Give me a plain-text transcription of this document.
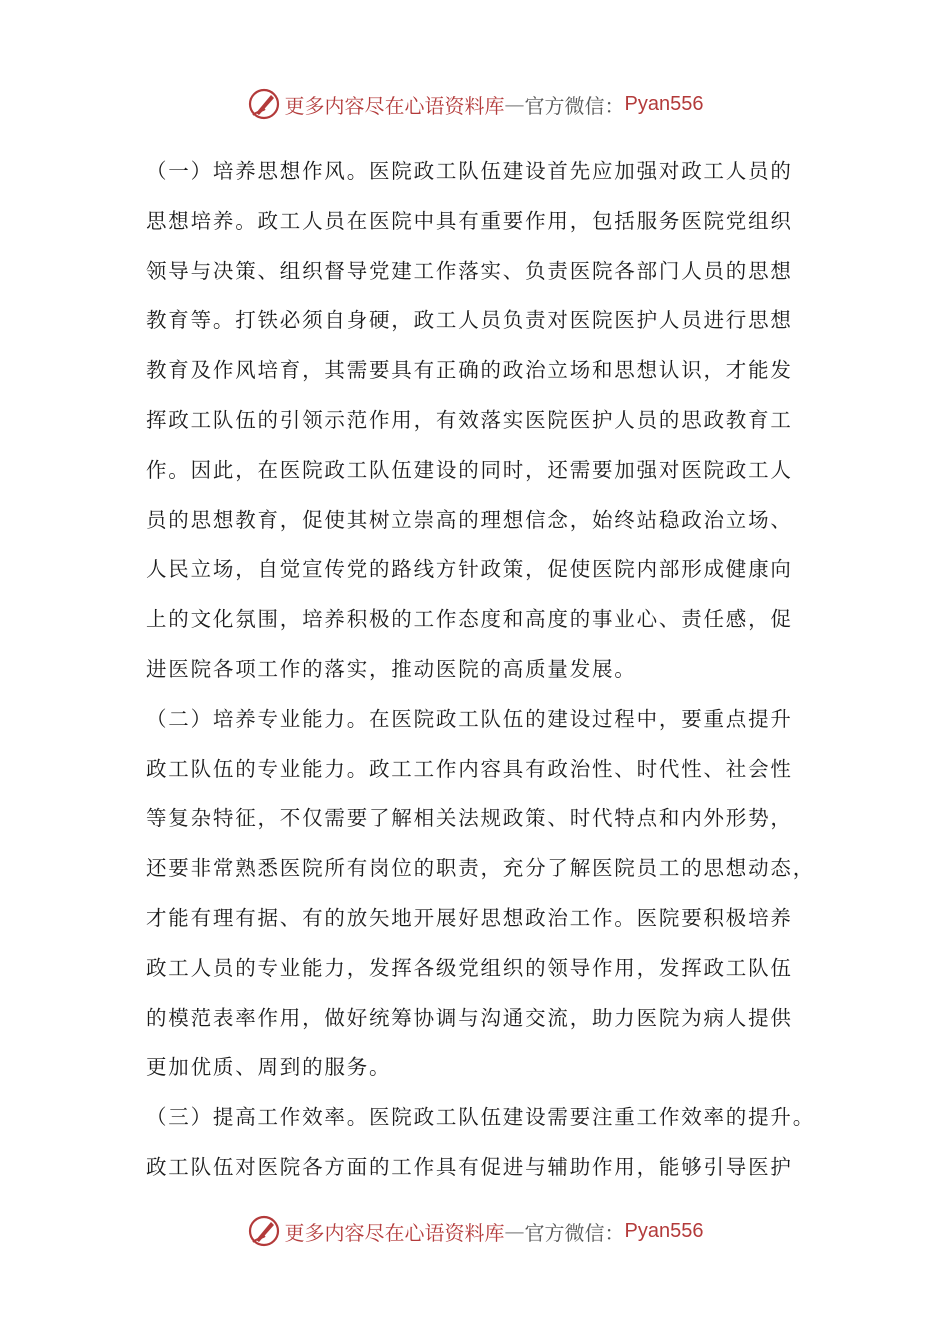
更多内容尽在心语资料库 — 官方微信： Pyan556
（一）培养思想作风。医院政工队伍建设首先应加强对政工人员的
思想培养。政工人员在医院中具有重要作用，包括服务医院党组织
领导与决策、组织督导党建工作落实、负责医院各部门人员的思想
教育等。打铁必须自身硬，政工人员负责对医院医护人员进行思想
教育及作风培育，其需要具有正确的政治立场和思想认识，才能发
挥政工队伍的引领示范作用，有效落实医院医护人员的思政教育工
作。因此，在医院政工队伍建设的同时，还需要加强对医院政工人
员的思想教育，促使其树立崇高的理想信念，始终站稳政治立场、
人民立场，自觉宣传党的路线方针政策，促使医院内部形成健康向
上的文化氛围，培养积极的工作态度和高度的事业心、责任感，促
进医院各项工作的落实，推动医院的高质量发展。
（二）培养专业能力。在医院政工队伍的建设过程中，要重点提升
政工队伍的专业能力。政工工作内容具有政治性、时代性、社会性
等复杂特征，不仅需要了解相关法规政策、时代特点和内外形势，
还要非常熟悉医院所有岗位的职责，充分了解医院员工的思想动态，
才能有理有据、有的放矢地开展好思想政治工作。医院要积极培养
政工人员的专业能力，发挥各级党组织的领导作用，发挥政工队伍
的模范表率作用，做好统筹协调与沟通交流，助力医院为病人提供
更加优质、周到的服务。
（三）提高工作效率。医院政工队伍建设需要注重工作效率的提升。
政工队伍对医院各方面的工作具有促进与辅助作用，能够引导医护
更多内容尽在心语资料库 — 官方微信： Pyan556
